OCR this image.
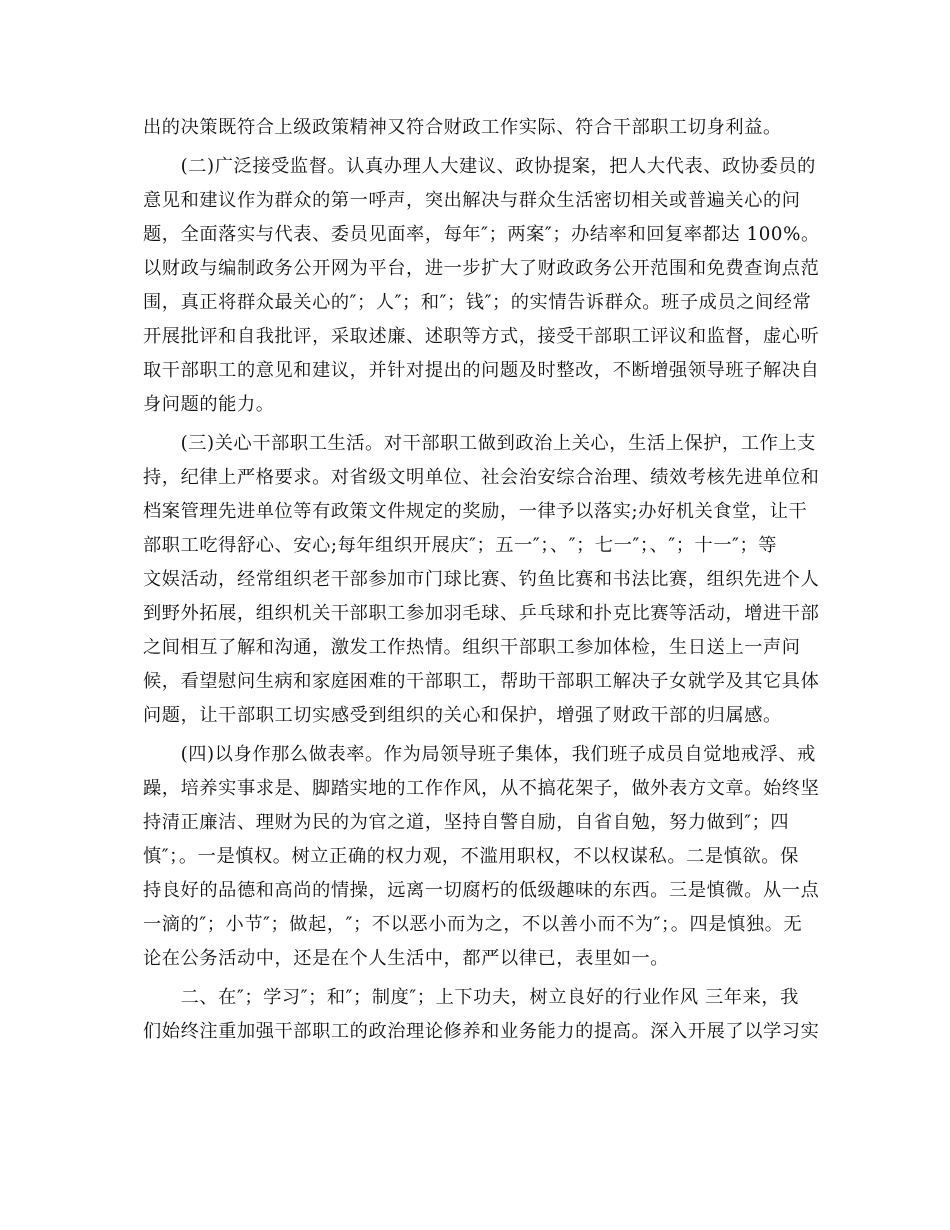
出的决策既符合上级政策精神又符合财政工作实际、符合干部职工切身利益。
　　(二)广泛接受监督。认真办理人大建议、政协提案，把人大代表、政协委员的
意见和建议作为群众的第一呼声，突出解决与群众生活密切相关或普遍关心的问
题，全面落实与代表、委员见面率，每年″；两案″；办结率和回复率都达 100%。
以财政与编制政务公开网为平台，进一步扩大了财政政务公开范围和免费查询点范
围，真正将群众最关心的″；人″；和″；钱″；的实情告诉群众。班子成员之间经常
开展批评和自我批评，采取述廉、述职等方式，接受干部职工评议和监督，虚心听
取干部职工的意见和建议，并针对提出的问题及时整改，不断增强领导班子解决自
身问题的能力。
　　(三)关心干部职工生活。对干部职工做到政治上关心，生活上保护，工作上支
持，纪律上严格要求。对省级文明单位、社会治安综合治理、绩效考核先进单位和
档案管理先进单位等有政策文件规定的奖励，一律予以落实;办好机关食堂，让干
部职工吃得舒心、安心;每年组织开展庆″；五一″；、″；七一″；、″；十一″；等
文娱活动，经常组织老干部参加市门球比赛、钓鱼比赛和书法比赛，组织先进个人
到野外拓展，组织机关干部职工参加羽毛球、乒乓球和扑克比赛等活动，增进干部
之间相互了解和沟通，激发工作热情。组织干部职工参加体检，生日送上一声问
候，看望慰问生病和家庭困难的干部职工，帮助干部职工解决子女就学及其它具体
问题，让干部职工切实感受到组织的关心和保护，增强了财政干部的归属感。
　　(四)以身作那么做表率。作为局领导班子集体，我们班子成员自觉地戒浮、戒
躁，培养实事求是、脚踏实地的工作作风，从不搞花架子，做外表方文章。始终坚
持清正廉洁、理财为民的为官之道，坚持自警自励，自省自勉，努力做到″；四
慎″；。一是慎权。树立正确的权力观，不滥用职权，不以权谋私。二是慎欲。保
持良好的品德和高尚的情操，远离一切腐朽的低级趣味的东西。三是慎微。从一点
一滴的″；小节″；做起，″；不以恶小而为之，不以善小而不为″；。四是慎独。无
论在公务活动中，还是在个人生活中，都严以律已，表里如一。
　　二、在″；学习″；和″；制度″；上下功夫，树立良好的行业作风 三年来，我
们始终注重加强干部职工的政治理论修养和业务能力的提高。深入开展了以学习实
